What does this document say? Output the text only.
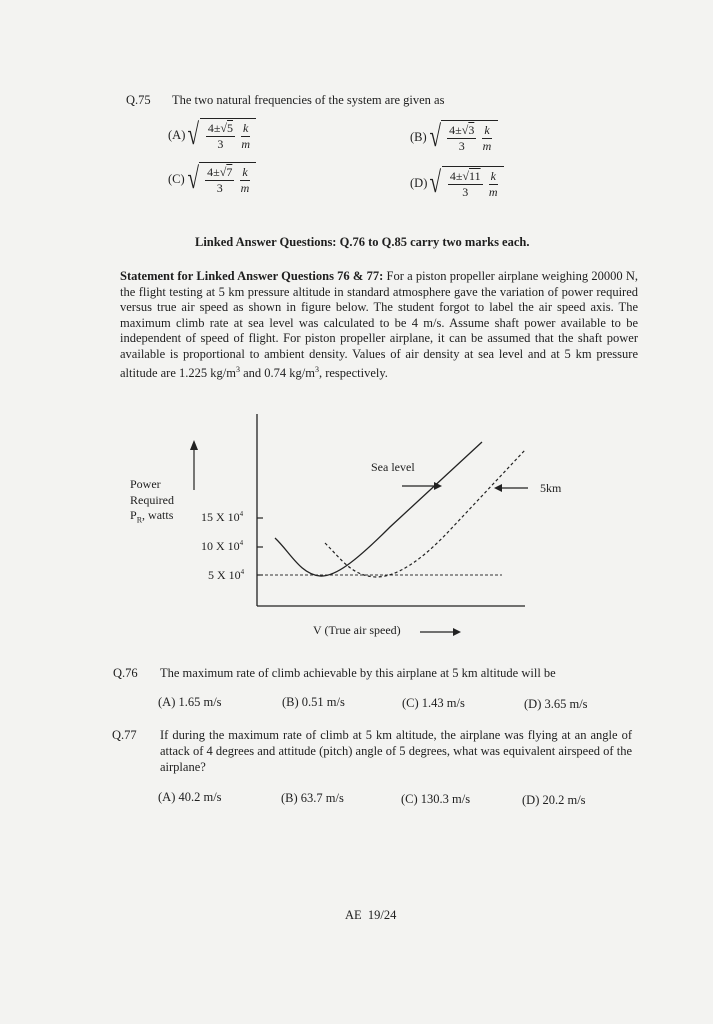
Q.75 The two natural frequencies of the system are given as
(A) √ $\frac{4\pm√5}{3} \frac{k}{m}$	(B) √ $\frac{4\pm√3}{3} \frac{k}{m}$
(C) √ $\frac{4\pm√7}{3} \frac{k}{m}$	(D) √ $\frac{4\pm√11}{3} \frac{k}{m}$
Linked Answer Questions: Q.76 to Q.85 carry two marks each.
Statement for Linked Answer Questions 76 & 77: For a piston propeller airplane weighing 20000 N, the flight testing at 5 km pressure altitude in standard atmosphere gave the variation of power required versus true air speed as shown in figure below. The student forgot to label the air speed axis. The maximum climb rate at sea level was calculated to be 4 m/s. Assume shaft power available to be independent of speed of flight. For piston propeller airplane, it can be assumed that the shaft power available is proportional to ambient density. Values of air density at sea level and at 5 km pressure altitude are 1.225 $kg/m^3$ and 0.74 $kg/m^3$, respectively.
Power
Required
$P_R$, watts 15 X $10^4$
10 X $10^4$
5 X $10^4$
Sea level
5km
V (True air speed)
Q.76 The maximum rate of climb achievable by this airplane at 5 km altitude will be
(A) 1.65 m/s	(B) 0.51 m/s	(C) 1.43 m/s	(D) 3.65 m/s
Q.77 If during the maximum rate of climb at 5 km altitude, the airplane was flying at an angle of attack of 4 degrees and attitude (pitch) angle of 5 degrees, what was equivalent airspeed of the airplane?
(A) 40.2 m/s	(B) 63.7 m/s	(C) 130.3 m/s	(D) 20.2 m/s
AE  19/24
